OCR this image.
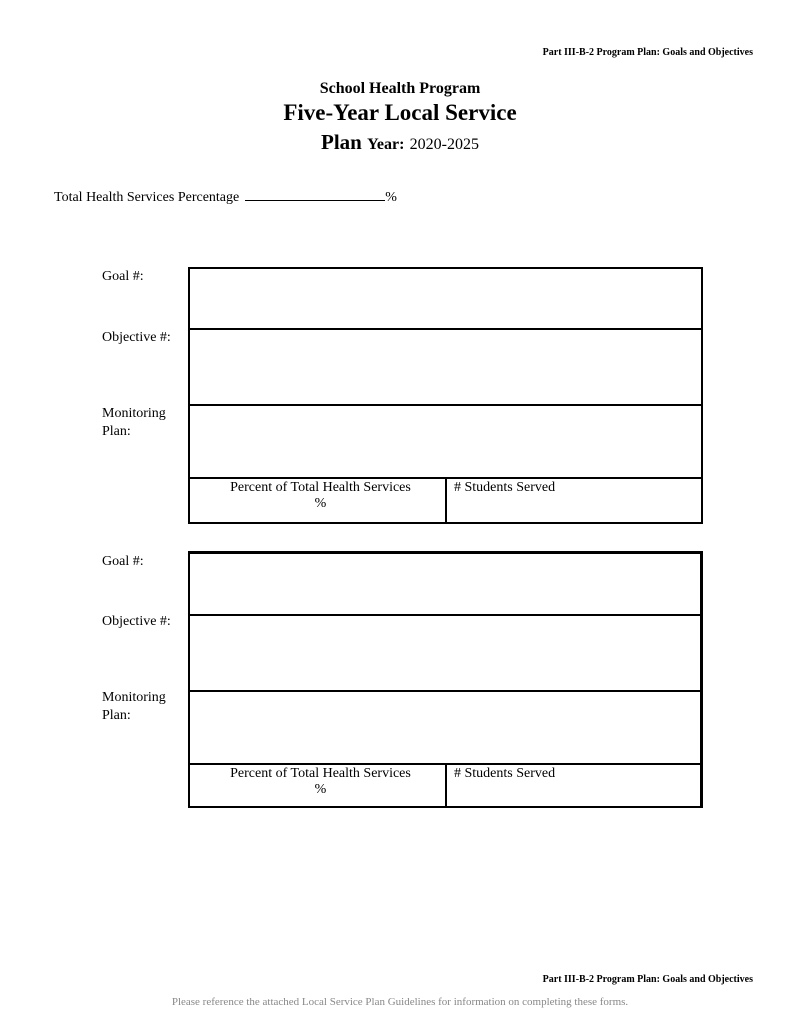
Part III-B-2 Program Plan: Goals and Objectives
School Health Program
Five-Year Local Service
Plan Year: 2020-2025
Total Health Services Percentage	%
Goal #:
Objective #:
Monitoring
Plan:
Percent of Total Health Services
%
# Students Served
Goal #:
Objective #:
Monitoring
Plan:
Percent of Total Health Services
%
# Students Served
Part III-B-2 Program Plan: Goals and Objectives
Please reference the attached Local Service Plan Guidelines for information on completing these forms.
